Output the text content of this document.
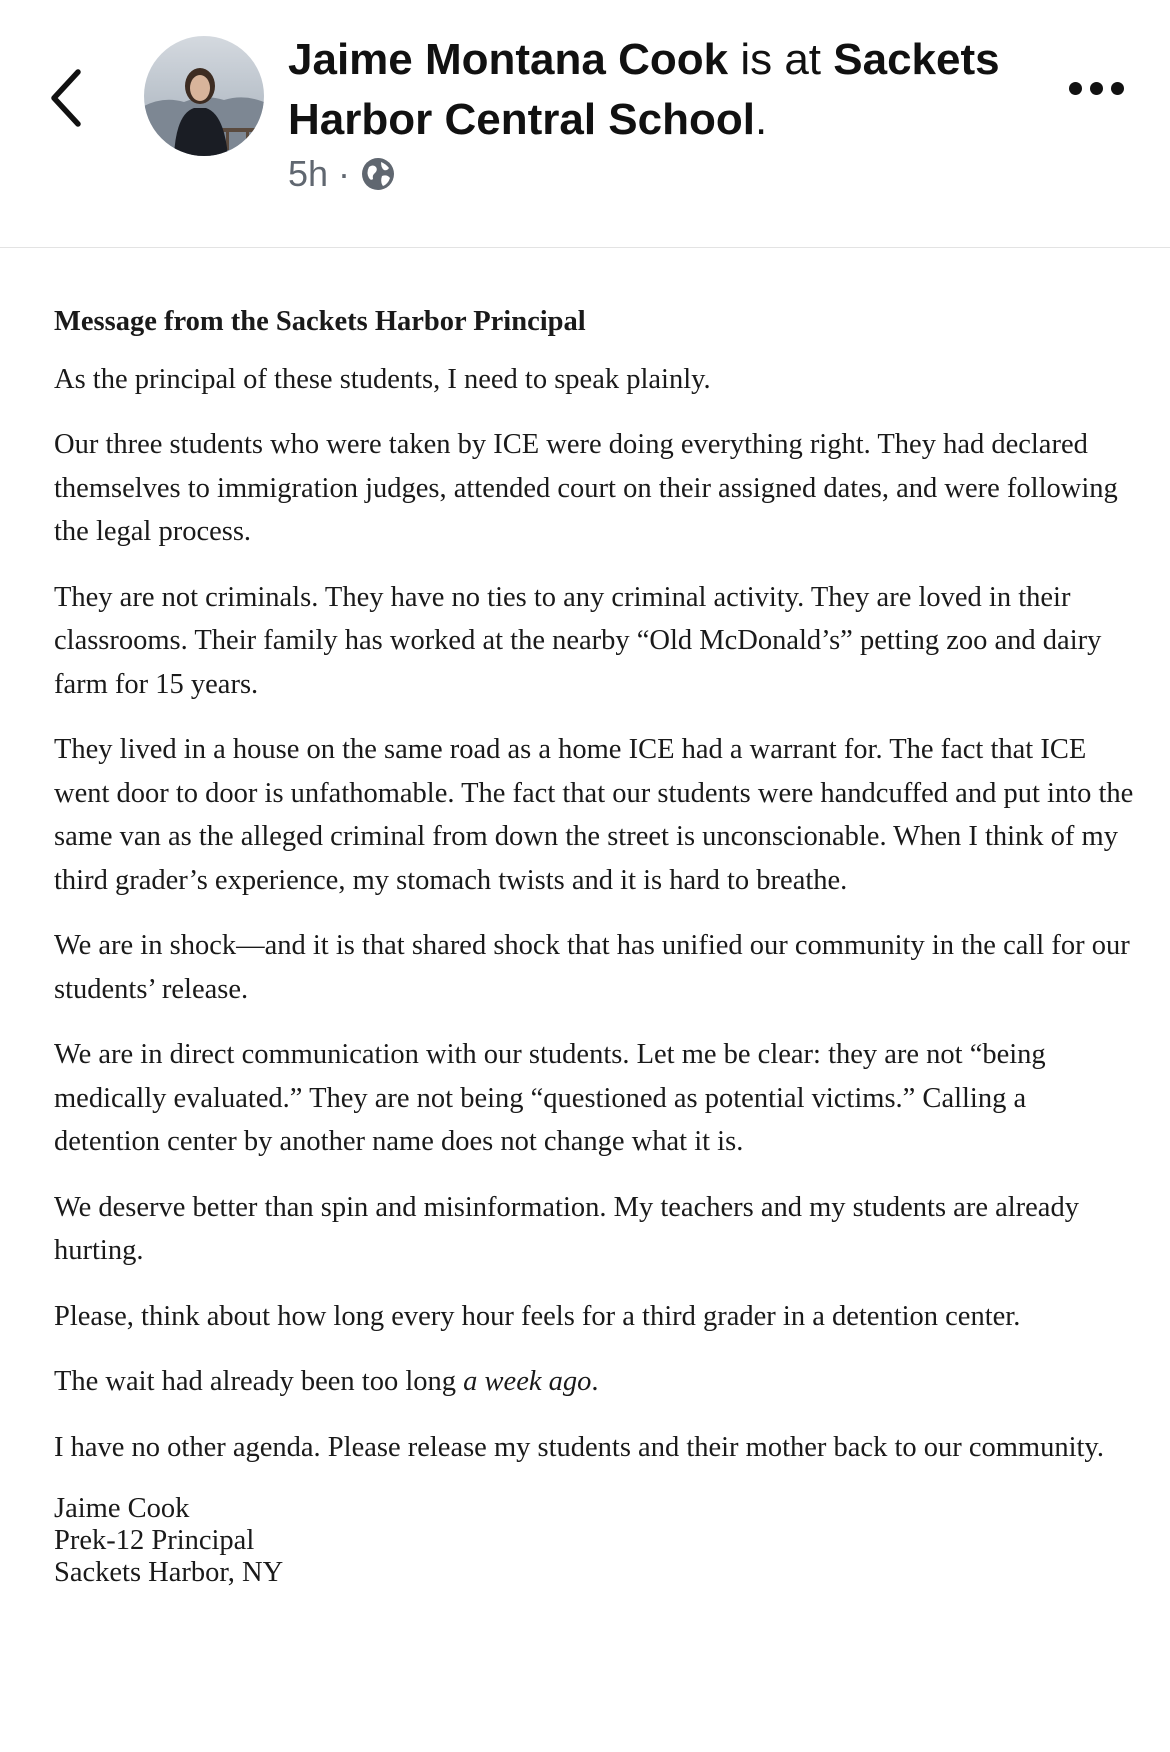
Jaime Montana Cook is at Sackets Harbor Central School.
5h ·
Message from the Sackets Harbor Principal

As the principal of these students, I need to speak plainly.

Our three students who were taken by ICE were doing everything right. They had declared themselves to immigration judges, attended court on their assigned dates, and were following the legal process.

They are not criminals. They have no ties to any criminal activity. They are loved in their classrooms. Their family has worked at the nearby “Old McDonald’s” petting zoo and dairy farm for 15 years.

They lived in a house on the same road as a home ICE had a warrant for. The fact that ICE went door to door is unfathomable. The fact that our students were handcuffed and put into the same van as the alleged criminal from down the street is unconscionable. When I think of my third grader’s experience, my stomach twists and it is hard to breathe.

We are in shock—and it is that shared shock that has unified our community in the call for our students’ release.

We are in direct communication with our students. Let me be clear: they are not “being medically evaluated.” They are not being “questioned as potential victims.” Calling a detention center by another name does not change what it is.

We deserve better than spin and misinformation. My teachers and my students are already hurting.

Please, think about how long every hour feels for a third grader in a detention center.

The wait had already been too long a week ago.

I have no other agenda. Please release my students and their mother back to our community.

Jaime Cook
Prek-12 Principal
Sackets Harbor, NY
